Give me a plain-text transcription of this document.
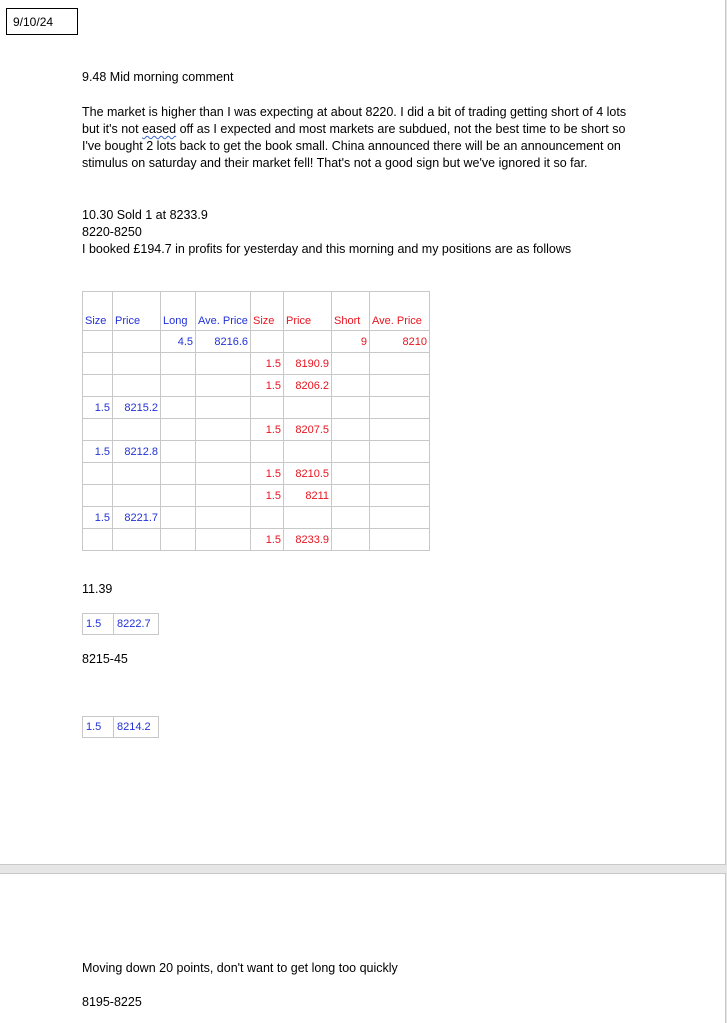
9/10/24

9.48 Mid morning comment

The market is higher than I was expecting at about 8220. I did a bit of trading getting short of 4 lots but it's not eased off as I expected and most markets are subdued, not the best time to be short so I've bought 2 lots back to get the book small. China announced there will be an announcement on stimulus on saturday and their market fell! That's not a good sign but we've ignored it so far.

10.30 Sold 1 at 8233.9

8220-8250

I booked £194.7 in profits for yesterday and this morning and my positions are as follows

Size	Price	Long	Ave. Price	Size	Price	Short	Ave. Price
		4.5	8216.6			9	8210
				1.5	8190.9		
				1.5	8206.2		
1.5	8215.2						
				1.5	8207.5		
1.5	8212.8						
				1.5	8210.5		
				1.5	8211		
1.5	8221.7						
				1.5	8233.9		

11.39

1.5	8222.7

8215-45

1.5	8214.2

Moving down 20 points, don't want to get long too quickly

8195-8225
